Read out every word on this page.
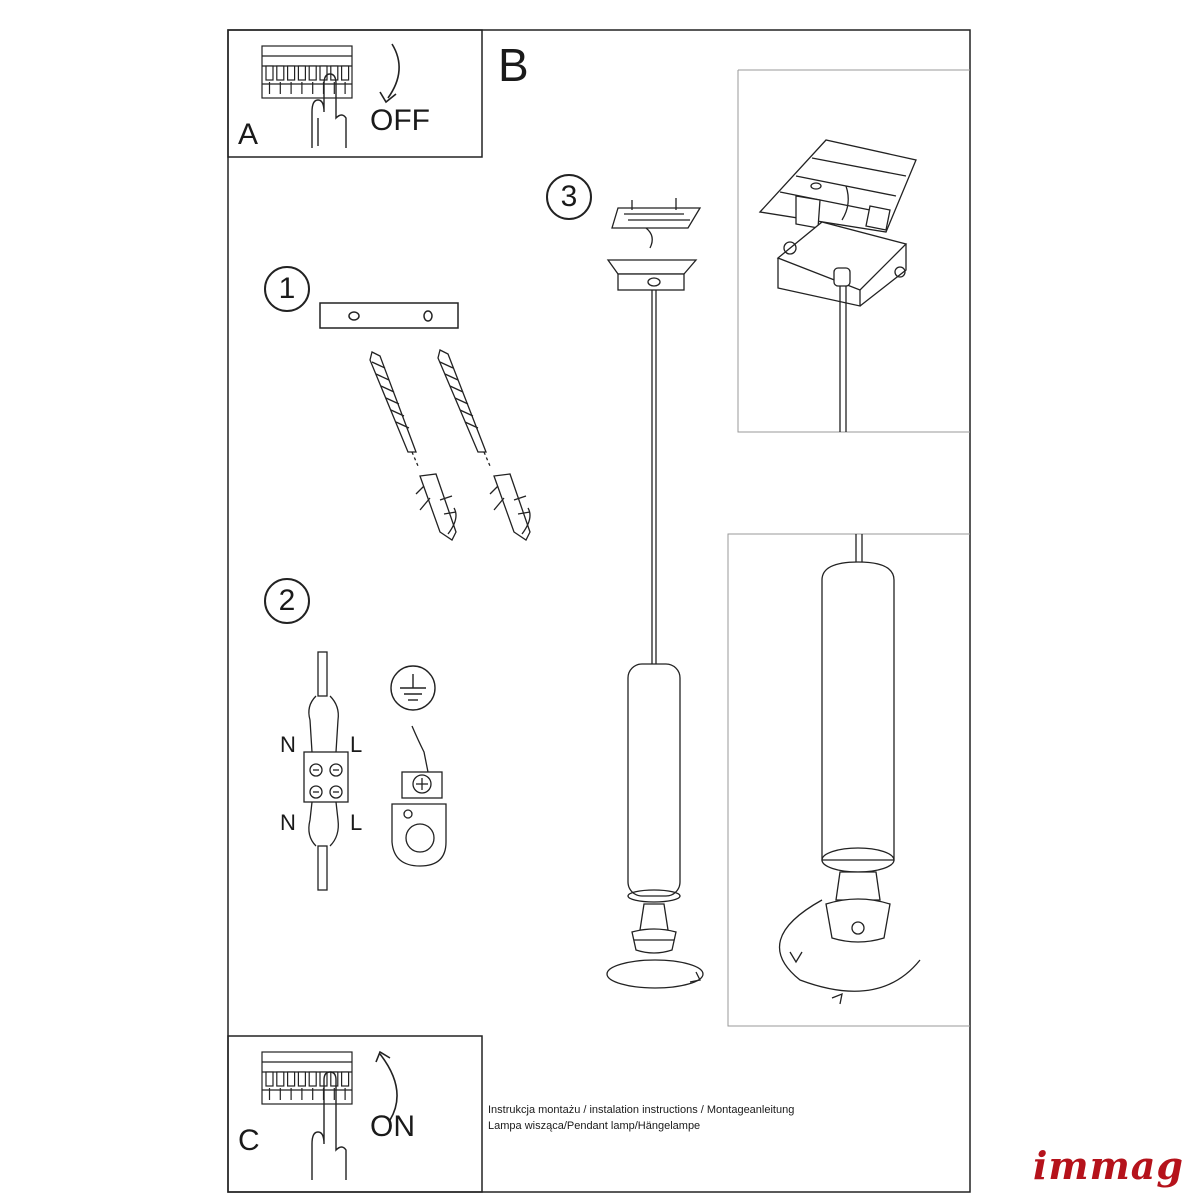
A	OFF
B
C	ON
1
2
3
N L
N L
Instrukcja montażu / instalation instructions / Montageanleitung
Lampa wisząca/Pendant lamp/Hängelampe
immag
